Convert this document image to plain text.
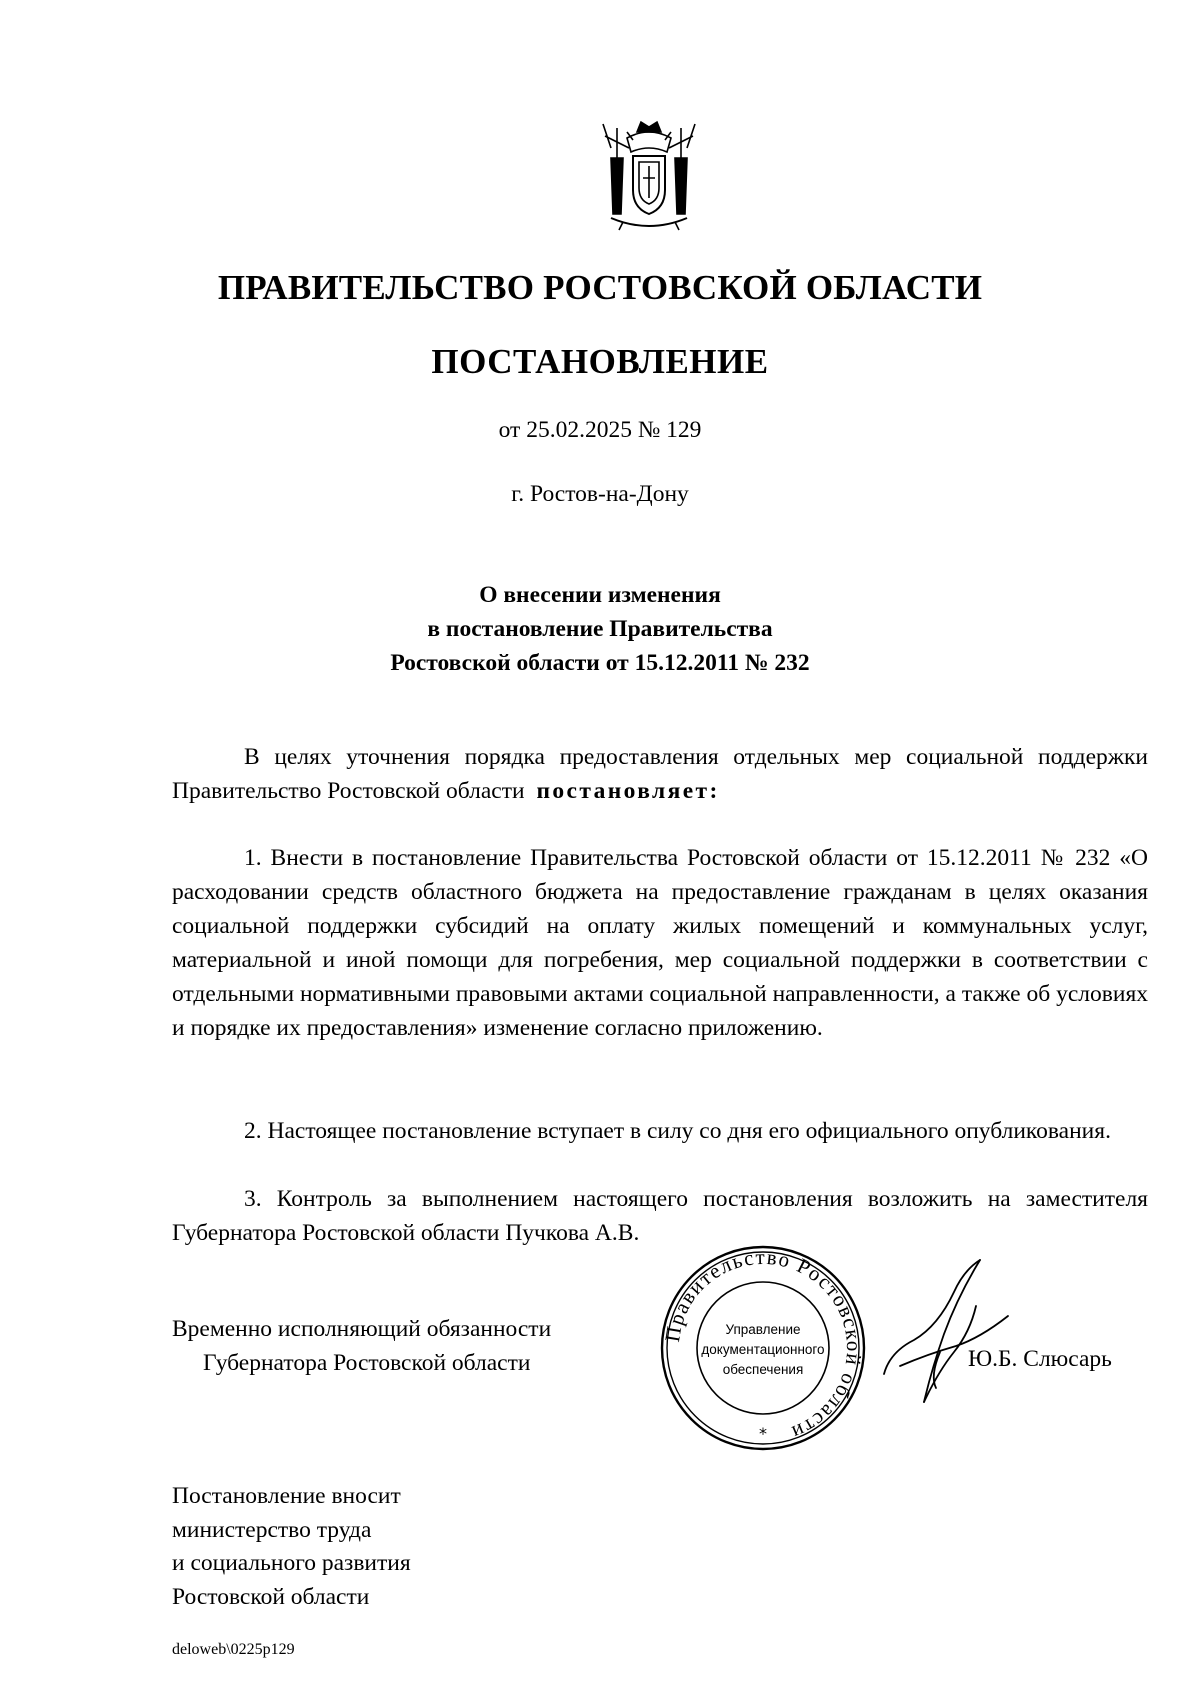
ПРАВИТЕЛЬСТВО РОСТОВСКОЙ ОБЛАСТИ
ПОСТАНОВЛЕНИЕ
от 25.02.2025 № 129
г. Ростов-на-Дону
О внесении изменения
в постановление Правительства
Ростовской области от 15.12.2011 № 232
В целях уточнения порядка предоставления отдельных мер социальной поддержки Правительство Ростовской области постановляет:
1. Внести в постановление Правительства Ростовской области от 15.12.2011 № 232 «О расходовании средств областного бюджета на предоставление гражданам в целях оказания социальной поддержки субсидий на оплату жилых помещений и коммунальных услуг, материальной и иной помощи для погребения, мер социальной поддержки в соответствии с отдельными нормативными правовыми актами социальной направленности, а также об условиях и порядке их предоставления» изменение согласно приложению.
2. Настоящее постановление вступает в силу со дня его официального опубликования.
3. Контроль за выполнением настоящего постановления возложить на заместителя Губернатора Ростовской области Пучкова А.В.
Временно исполняющий обязанности
Губернатора Ростовской области
Правительство Ростовской области
*
Управление
документационного
обеспечения	Ю.Б. Слюсарь
Постановление вносит
министерство труда
и социального развития
Ростовской области
deloweb\0225p129
